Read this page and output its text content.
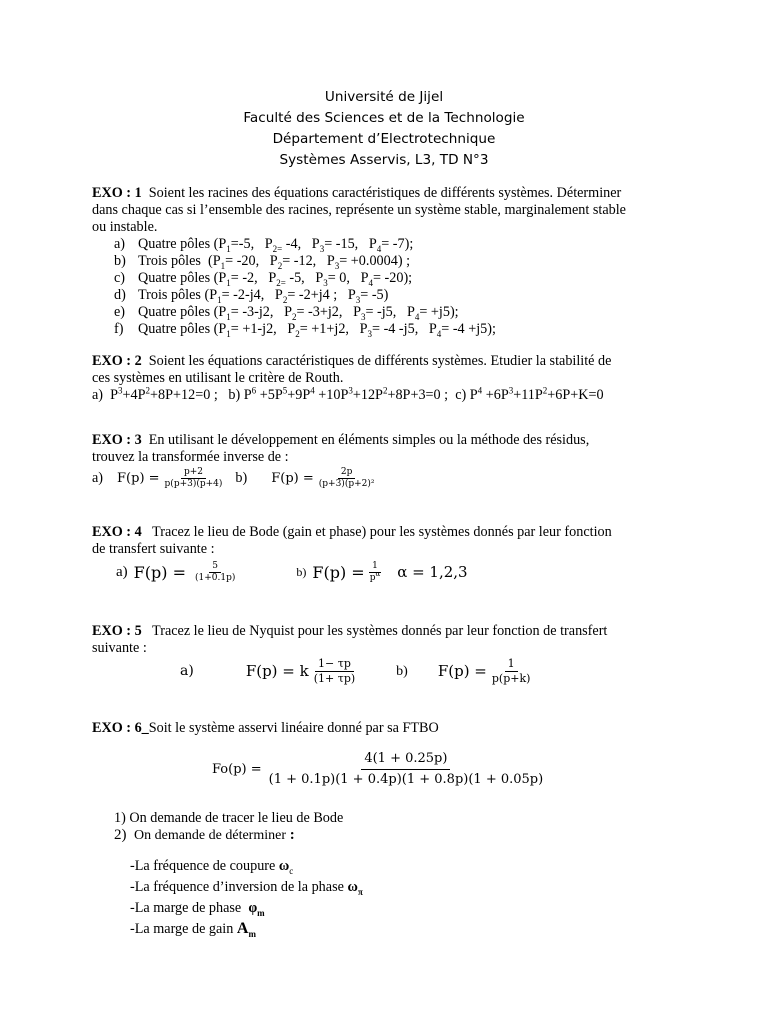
Université de Jijel
Faculté des Sciences et de la Technologie
Département d’Electrotechnique
Systèmes Asservis, L3, TD N°3
EXO : 1 Soient les racines des équations caractéristiques de différents systèmes. Déterminer
dans chaque cas si l’ensemble des racines, représente un système stable, marginalement stable
ou instable.
a) Quatre pôles ($P_1=-5$,   $P_{2=}$ -4,   $P_3= -15$,   $P_4= -7$);
b) Trois pôles  ($P_1= -20$,   $P_2= -12$,   $P_3= +0.0004$) ;
c) Quatre pôles ($P_1= -2$,   $P_{2=}$ -5,   $P_3= 0$,   $P_4= -20$);
d) Trois pôles ($P_1= -2-j4$,   $P_2= -2+j4$ ;   $P_3= -5$)
e) Quatre pôles ($P_1= -3-j2$,   $P_2= -3+j2$,   $P_3= -j5$,   $P_4= +j5$);
f) Quatre pôles ($P_1= +1-j2$,   $P_2= +1+j2$,   $P_3= -4$ -j5,   $P_4= -4 +j5$);
EXO : 2 Soient les équations caractéristiques de différents systèmes. Etudier la stabilité de
ces systèmes en utilisant le critère de Routh.
a)  $P^3+4P^2+8P+12=0$ ;   b) $P^6 +5P^5+9P^4 +10P^3+12P^2+8P+3=0$ ;  c) $P^4 +6P^3+11P^2+6P+K=0$
EXO : 3 En utilisant le développement en éléments simples ou la méthode des résidus,
trouvez la transformée inverse de :
a) $F(p) = \frac{p+2}{p(p+3)(p+4)} b$) $F(p) = \frac{2p}{\text{(p+3)(p+2)²}}$
EXO : 4 Tracez le lieu de Bode (gain et phase) pour les systèmes donnés par leur fonction
de transfert suivante :
a) $F(p) = \frac{5}{(1+0.1p)}$	b) $F(p) = \frac{1}{p^\alpha}$ α = 1,2,3
EXO : 5 Tracez le lieu de Nyquist pour les systèmes donnés par leur fonction de transfert
suivante :
a)	F(p) = k $\frac{1- \tau p}{(1+ \tau p)}$	b) $F(p) = \frac{1}{p(p+k)}$
EXO : 6_Soit le système asservi linéaire donné par sa FTBO
$Fo(p) = \frac{4(1 + 0.25p)}{(1 + 0.1p)(1 + 0.4p)(1 + 0.8p)(1 + 0.05p)}$
1) On demande de tracer le lieu de Bode
2) On demande de déterminer :
-La fréquence de coupure $\omega_c$
-La fréquence d’inversion de la phase $\omega_\pi$
-La marge de phase $\varphi_m$
-La marge de gain $A_m$
